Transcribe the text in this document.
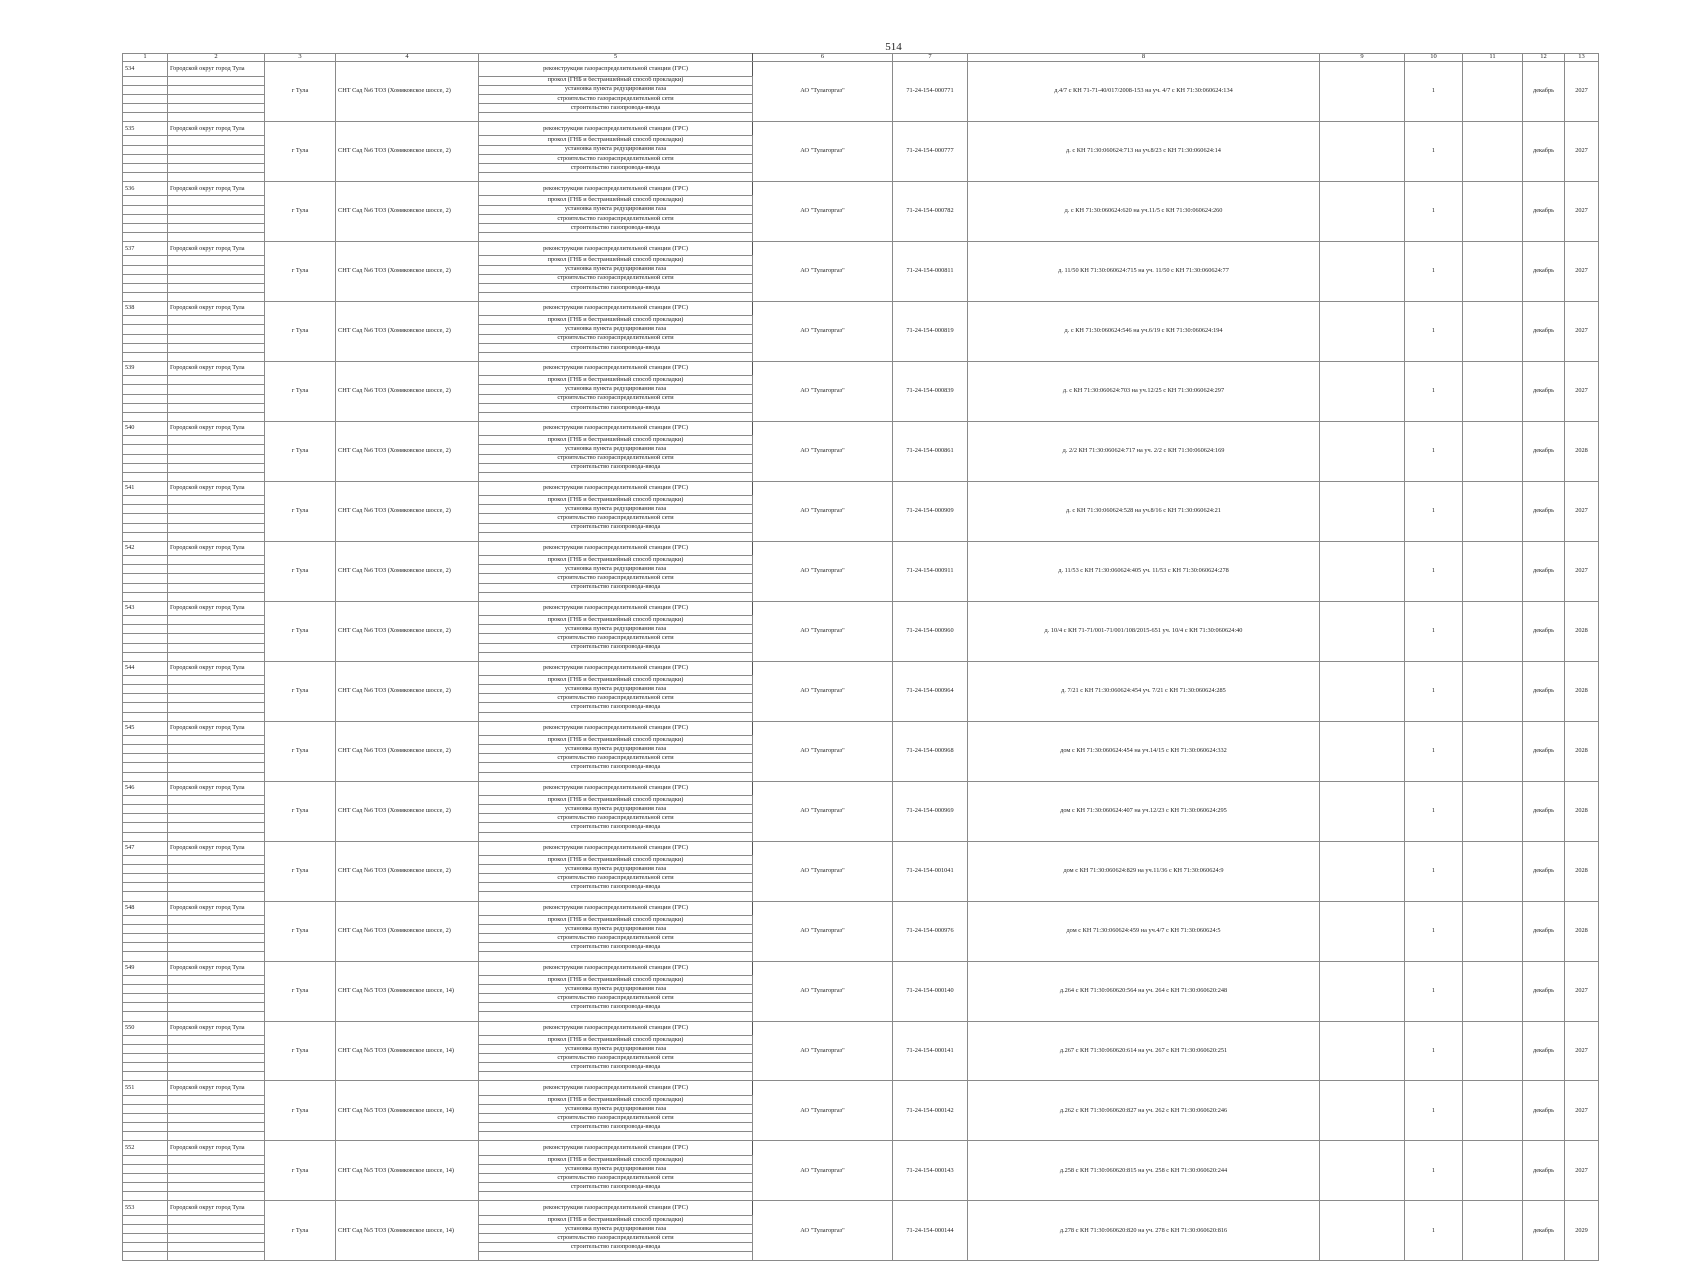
514
1	2	3	4	5	6	7	8	9	10	11	12	13
534	Городской округ город Тула	г Тула	СНТ Сад №6 ТОЗ (Хомяковское шоссе, 2)	реконструкция газораспределительной станции (ГРС)	АО "Тулагоргаз"	71-24-154-000771	д.4/7 с КН 71-71-40/017/2008-153 на уч. 4/7 с КН 71:30:060624:134		1		декабрь	2027
				прокол (ГНБ и бестраншейный способ прокладки)								
				установка пункта редуцирования газа								
				строительство газораспределительной сети								
				строительство газопровода-ввода								

535	Городской округ город Тула	г Тула	СНТ Сад №6 ТОЗ (Хомяковское шоссе, 2)	реконструкция газораспределительной станции (ГРС)	АО "Тулагоргаз"	71-24-154-000777	д. с КН 71:30:060624:713 на уч.8/23 с КН 71:30:060624:14		1		декабрь	2027
				прокол (ГНБ и бестраншейный способ прокладки)								
				установка пункта редуцирования газа								
				строительство газораспределительной сети								
				строительство газопровода-ввода								

536	Городской округ город Тула	г Тула	СНТ Сад №6 ТОЗ (Хомяковское шоссе, 2)	реконструкция газораспределительной станции (ГРС)	АО "Тулагоргаз"	71-24-154-000782	д. с КН 71:30:060624:620 на уч.11/5 с КН 71:30:060624:260		1		декабрь	2027
				прокол (ГНБ и бестраншейный способ прокладки)								
				установка пункта редуцирования газа								
				строительство газораспределительной сети								
				строительство газопровода-ввода								

537	Городской округ город Тула	г Тула	СНТ Сад №6 ТОЗ (Хомяковское шоссе, 2)	реконструкция газораспределительной станции (ГРС)	АО "Тулагоргаз"	71-24-154-000811	д. 11/50 КН 71:30:060624:715 на уч. 11/50 с КН 71:30:060624:77		1		декабрь	2027
				прокол (ГНБ и бестраншейный способ прокладки)								
				установка пункта редуцирования газа								
				строительство газораспределительной сети								
				строительство газопровода-ввода								

538	Городской округ город Тула	г Тула	СНТ Сад №6 ТОЗ (Хомяковское шоссе, 2)	реконструкция газораспределительной станции (ГРС)	АО "Тулагоргаз"	71-24-154-000819	д. с КН 71:30:060624:546 на уч.6/19 с КН 71:30:060624:194		1		декабрь	2027
				прокол (ГНБ и бестраншейный способ прокладки)								
				установка пункта редуцирования газа								
				строительство газораспределительной сети								
				строительство газопровода-ввода								

539	Городской округ город Тула	г Тула	СНТ Сад №6 ТОЗ (Хомяковское шоссе, 2)	реконструкция газораспределительной станции (ГРС)	АО "Тулагоргаз"	71-24-154-000839	д. с КН 71:30:060624:703 на уч.12/25 с КН 71:30:060624:297		1		декабрь	2027
				прокол (ГНБ и бестраншейный способ прокладки)								
				установка пункта редуцирования газа								
				строительство газораспределительной сети								
				строительство газопровода-ввода								

540	Городской округ город Тула	г Тула	СНТ Сад №6 ТОЗ (Хомяковское шоссе, 2)	реконструкция газораспределительной станции (ГРС)	АО "Тулагоргаз"	71-24-154-000861	д. 2/2 КН 71:30:060624:717 на уч. 2/2 с КН 71:30:060624:169		1		декабрь	2028
				прокол (ГНБ и бестраншейный способ прокладки)								
				установка пункта редуцирования газа								
				строительство газораспределительной сети								
				строительство газопровода-ввода								

541	Городской округ город Тула	г Тула	СНТ Сад №6 ТОЗ (Хомяковское шоссе, 2)	реконструкция газораспределительной станции (ГРС)	АО "Тулагоргаз"	71-24-154-000909	д. с КН 71:30:060624:528 на уч.8/16 с КН 71:30:060624:21		1		декабрь	2027
				прокол (ГНБ и бестраншейный способ прокладки)								
				установка пункта редуцирования газа								
				строительство газораспределительной сети								
				строительство газопровода-ввода								

542	Городской округ город Тула	г Тула	СНТ Сад №6 ТОЗ (Хомяковское шоссе, 2)	реконструкция газораспределительной станции (ГРС)	АО "Тулагоргаз"	71-24-154-000911	д. 11/53 с КН 71:30:060624:405 уч. 11/53 с КН 71:30:060624:278		1		декабрь	2027
				прокол (ГНБ и бестраншейный способ прокладки)								
				установка пункта редуцирования газа								
				строительство газораспределительной сети								
				строительство газопровода-ввода								

543	Городской округ город Тула	г Тула	СНТ Сад №6 ТОЗ (Хомяковское шоссе, 2)	реконструкция газораспределительной станции (ГРС)	АО "Тулагоргаз"	71-24-154-000960	д. 10/4 с КН 71-71/001-71/001/108/2015-651 уч. 10/4 с КН 71:30:060624:40		1		декабрь	2028
				прокол (ГНБ и бестраншейный способ прокладки)								
				установка пункта редуцирования газа								
				строительство газораспределительной сети								
				строительство газопровода-ввода								

544	Городской округ город Тула	г Тула	СНТ Сад №6 ТОЗ (Хомяковское шоссе, 2)	реконструкция газораспределительной станции (ГРС)	АО "Тулагоргаз"	71-24-154-000964	д. 7/21 с КН 71:30:060624:454 уч. 7/21 с КН 71:30:060624:285		1		декабрь	2028
				прокол (ГНБ и бестраншейный способ прокладки)								
				установка пункта редуцирования газа								
				строительство газораспределительной сети								
				строительство газопровода-ввода								

545	Городской округ город Тула	г Тула	СНТ Сад №6 ТОЗ (Хомяковское шоссе, 2)	реконструкция газораспределительной станции (ГРС)	АО "Тулагоргаз"	71-24-154-000968	дом с КН 71:30:060624:454 на уч.14/15 с КН 71:30:060624:332		1		декабрь	2028
				прокол (ГНБ и бестраншейный способ прокладки)								
				установка пункта редуцирования газа								
				строительство газораспределительной сети								
				строительство газопровода-ввода								

546	Городской округ город Тула	г Тула	СНТ Сад №6 ТОЗ (Хомяковское шоссе, 2)	реконструкция газораспределительной станции (ГРС)	АО "Тулагоргаз"	71-24-154-000969	дом с КН 71:30:060624:407 на уч.12/23 с КН 71:30:060624:295		1		декабрь	2028
				прокол (ГНБ и бестраншейный способ прокладки)								
				установка пункта редуцирования газа								
				строительство газораспределительной сети								
				строительство газопровода-ввода								

547	Городской округ город Тула	г Тула	СНТ Сад №6 ТОЗ (Хомяковское шоссе, 2)	реконструкция газораспределительной станции (ГРС)	АО "Тулагоргаз"	71-24-154-001041	дом с КН 71:30:060624:829 на уч.11/36 с КН 71:30:060624:9		1		декабрь	2028
				прокол (ГНБ и бестраншейный способ прокладки)								
				установка пункта редуцирования газа								
				строительство газораспределительной сети								
				строительство газопровода-ввода								

548	Городской округ город Тула	г Тула	СНТ Сад №6 ТОЗ (Хомяковское шоссе, 2)	реконструкция газораспределительной станции (ГРС)	АО "Тулагоргаз"	71-24-154-000976	дом с КН 71:30:060624:459 на уч.4/7 с КН 71:30:060624:5		1		декабрь	2028
				прокол (ГНБ и бестраншейный способ прокладки)								
				установка пункта редуцирования газа								
				строительство газораспределительной сети								
				строительство газопровода-ввода								

549	Городской округ город Тула	г Тула	СНТ Сад №5 ТОЗ (Хомяковское шоссе, 14)	реконструкция газораспределительной станции (ГРС)	АО "Тулагоргаз"	71-24-154-000140	д.264 с КН 71:30:060620:564 на уч. 264 с КН 71:30:060620:248		1		декабрь	2027
				прокол (ГНБ и бестраншейный способ прокладки)								
				установка пункта редуцирования газа								
				строительство газораспределительной сети								
				строительство газопровода-ввода								

550	Городской округ город Тула	г Тула	СНТ Сад №5 ТОЗ (Хомяковское шоссе, 14)	реконструкция газораспределительной станции (ГРС)	АО "Тулагоргаз"	71-24-154-000141	д.267 с КН 71:30:060620:614 на уч. 267 с КН 71:30:060620:251		1		декабрь	2027
				прокол (ГНБ и бестраншейный способ прокладки)								
				установка пункта редуцирования газа								
				строительство газораспределительной сети								
				строительство газопровода-ввода								

551	Городской округ город Тула	г Тула	СНТ Сад №5 ТОЗ (Хомяковское шоссе, 14)	реконструкция газораспределительной станции (ГРС)	АО "Тулагоргаз"	71-24-154-000142	д.262 с КН 71:30:060620:827 на уч. 262 с КН 71:30:060620:246		1		декабрь	2027
				прокол (ГНБ и бестраншейный способ прокладки)								
				установка пункта редуцирования газа								
				строительство газораспределительной сети								
				строительство газопровода-ввода								

552	Городской округ город Тула	г Тула	СНТ Сад №5 ТОЗ (Хомяковское шоссе, 14)	реконструкция газораспределительной станции (ГРС)	АО "Тулагоргаз"	71-24-154-000143	д.258 с КН 71:30:060620:815 на уч. 258 с КН 71:30:060620:244		1		декабрь	2027
				прокол (ГНБ и бестраншейный способ прокладки)								
				установка пункта редуцирования газа								
				строительство газораспределительной сети								
				строительство газопровода-ввода								

553	Городской округ город Тула	г Тула	СНТ Сад №5 ТОЗ (Хомяковское шоссе, 14)	реконструкция газораспределительной станции (ГРС)	АО "Тулагоргаз"	71-24-154-000144	д.278 с КН 71:30:060620:820 на уч. 278 с КН 71:30:060620:816		1		декабрь	2029
				прокол (ГНБ и бестраншейный способ прокладки)								
				установка пункта редуцирования газа								
				строительство газораспределительной сети								
				строительство газопровода-ввода								
